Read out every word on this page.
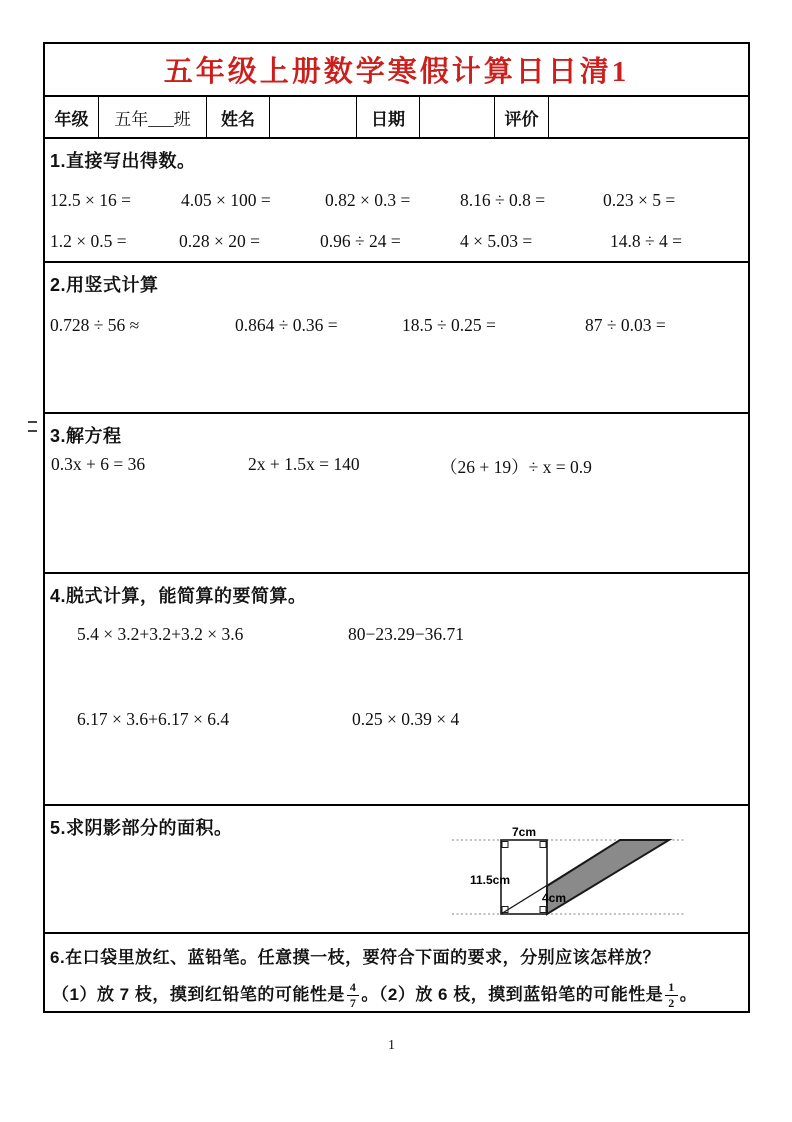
五年级上册数学寒假计算日日清1
年级	五年___班	姓名	日期	评价
1.直接写出得数。
12.5 × 16 =	4.05 × 100 =	0.82 × 0.3 =	8.16 ÷ 0.8 =	0.23 × 5 =
1.2 × 0.5 =	0.28 × 20 =	0.96 ÷ 24 =	4 × 5.03 =	14.8 ÷ 4 =
2.用竖式计算
0.728 ÷ 56 ≈	0.864 ÷ 0.36 =	18.5 ÷ 0.25 =	87 ÷ 0.03 =
3.解方程
0.3x + 6 = 36	2x + 1.5x = 140	（26 + 19）÷ x = 0.9
4.脱式计算，能简算的要简算。
5.4 × 3.2+3.2+3.2 × 3.6	80−23.29−36.71
6.17 × 3.6+6.17 × 6.4	0.25 × 0.39 × 4
5.求阴影部分的面积。	7cm
11.5cm
4cm
6.在口袋里放红、蓝铅笔。任意摸一枝，要符合下面的要求，分别应该怎样放？
（1）放 7 枝，摸到红铅笔的可能性是 $\frac{4}{7}$ 。（2）放 6 枝，摸到蓝铅笔的可能性是 $\frac{1}{2}$ 。
1
